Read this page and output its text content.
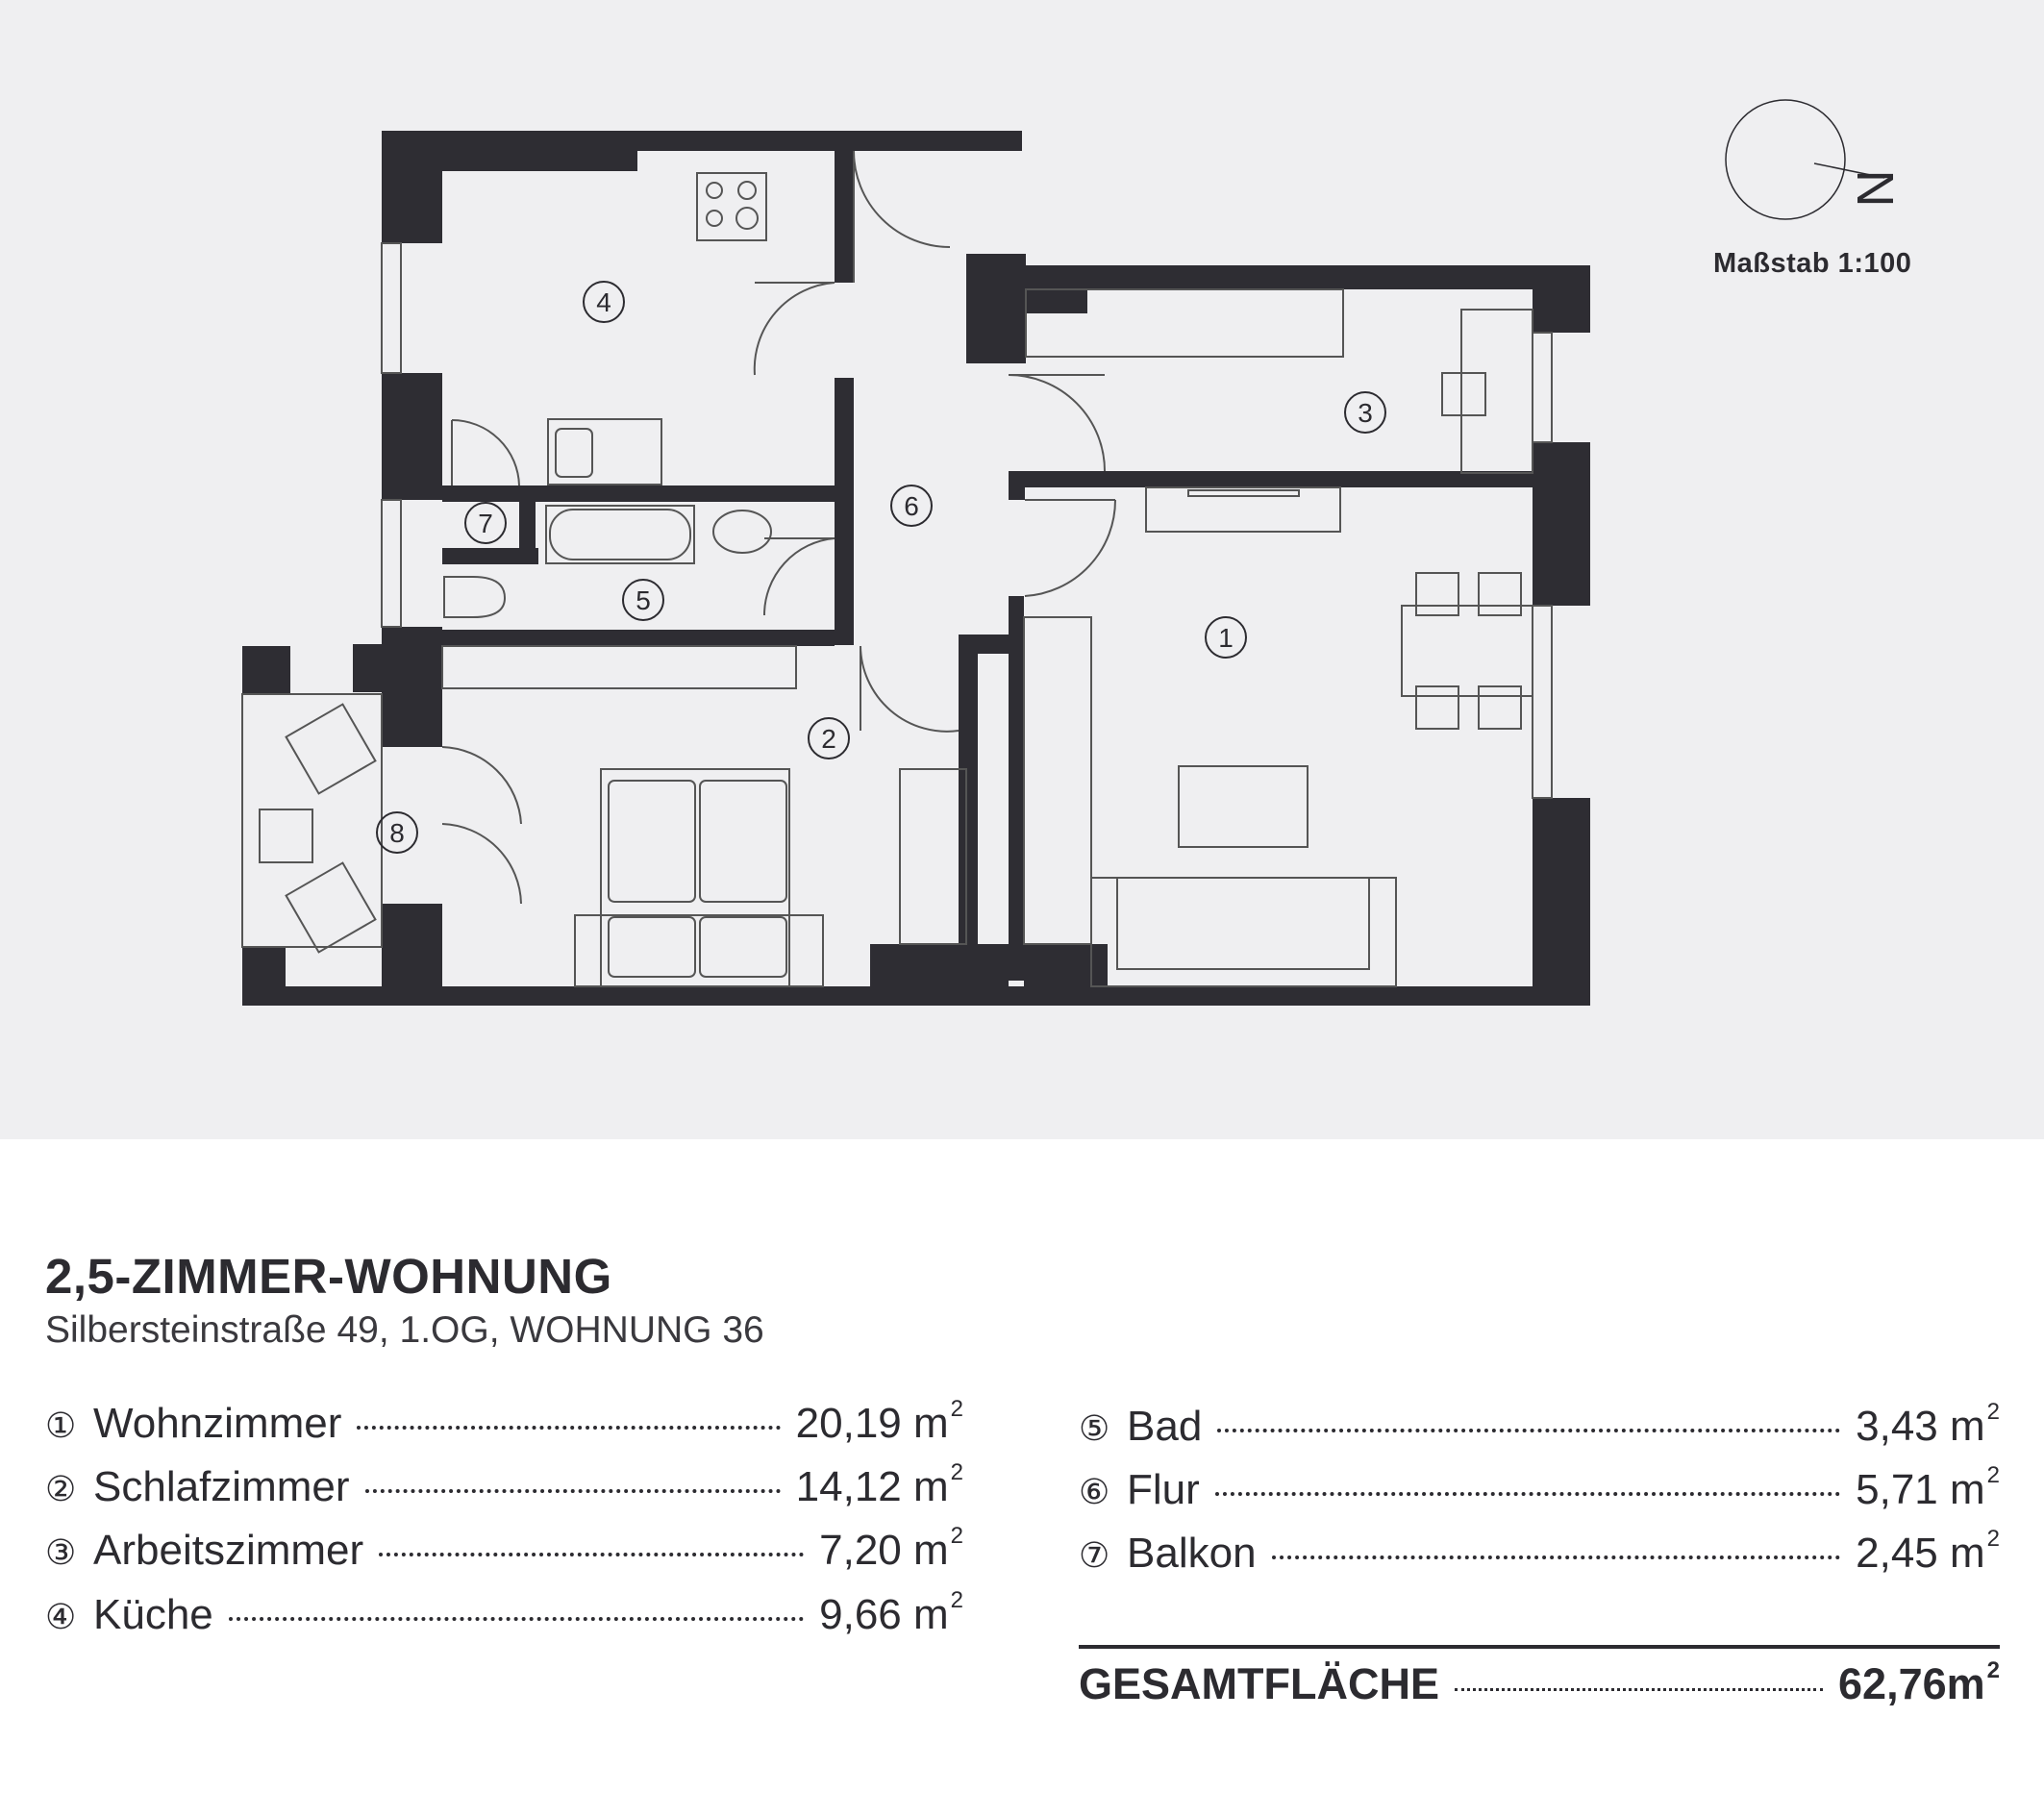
1
2
3
4
5
6
7
8
N
Maßstab 1:100
2,5-ZIMMER-WOHNUNG
Silbersteinstraße 49, 1.OG, WOHNUNG 36
① Wohnzimmer	20,19 $m^2$
② Schlafzimmer	14,12 $m^2$
③ Arbeitszimmer	7,20 $m^2$
④ Küche	9,66 $m^2$
⑤ Bad	3,43 $m^2$
⑥ Flur	5,71 $m^2$
⑦ Balkon	2,45 $m^2$
GESAMTFLÄCHE	$62,76m^2$
